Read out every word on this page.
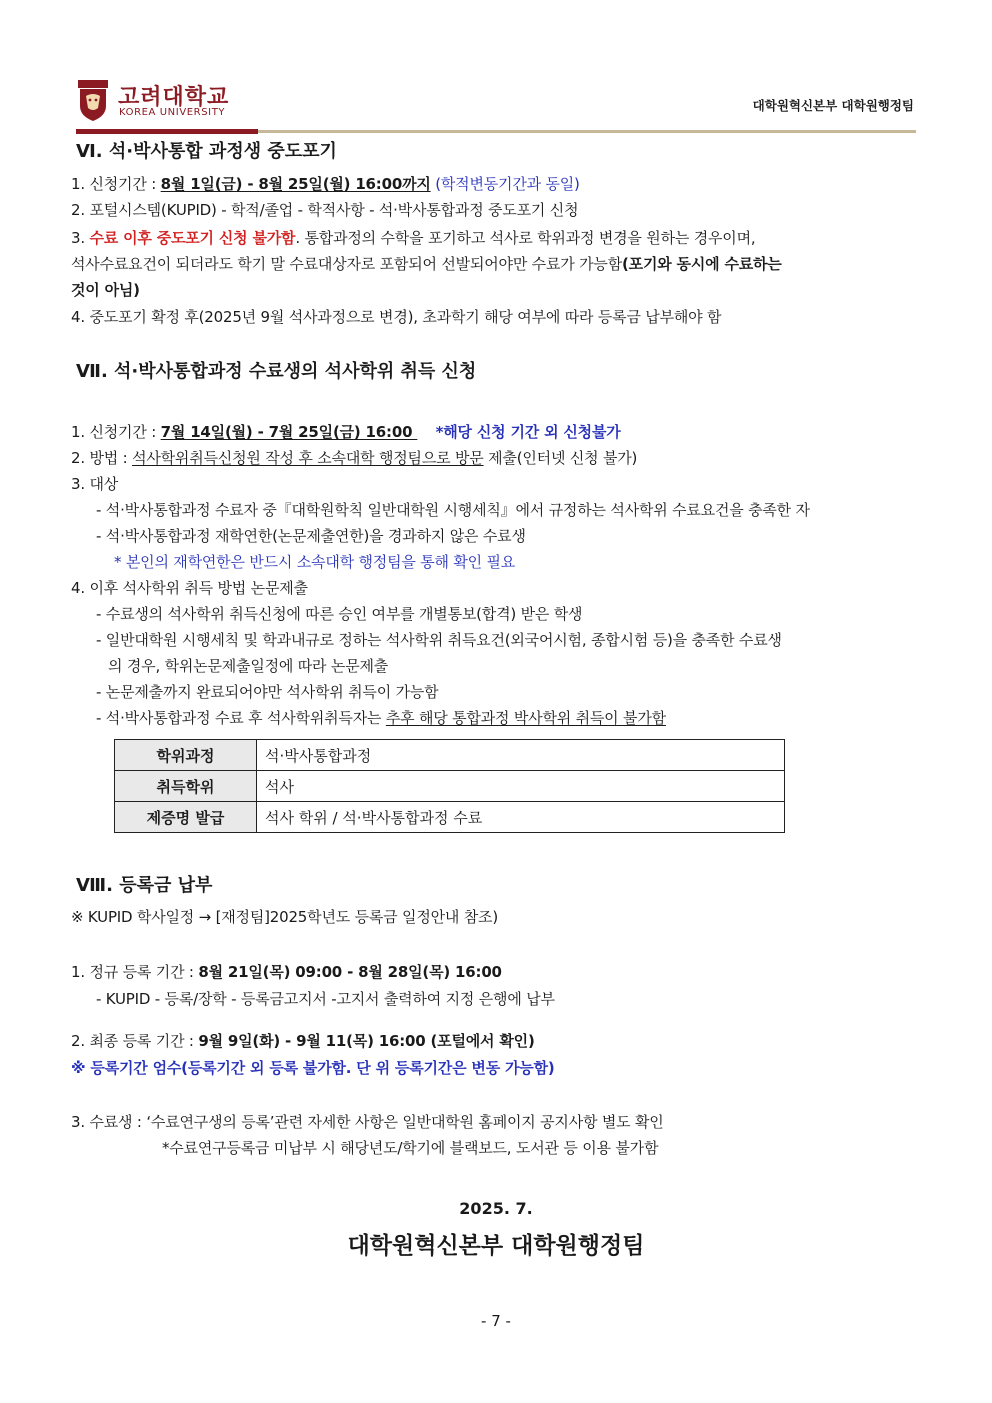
고려대학교
KOREA UNIVERSITY	대학원혁신본부 대학원행정팀
Ⅵ. 석·박사통합 과정생 중도포기
1. 신청기간 : 8월 1일(금) - 8월 25일(월) 16:00까지 (학적변동기간과 동일)
2. 포털시스템(KUPID) - 학적/졸업 - 학적사항 - 석·박사통합과정 중도포기 신청
3. 수료 이후 중도포기 신청 불가함. 통합과정의 수학을 포기하고 석사로 학위과정 변경을 원하는 경우이며,
석사수료요건이 되더라도 학기 말 수료대상자로 포함되어 선발되어야만 수료가 가능함(포기와 동시에 수료하는
것이 아님)
4. 중도포기 확정 후(2025년 9월 석사과정으로 변경), 초과학기 해당 여부에 따라 등록금 납부해야 함
Ⅶ. 석·박사통합과정 수료생의 석사학위 취득 신청
1. 신청기간 : 7월 14일(월) - 7월 25일(금) 16:00     *해당 신청 기간 외 신청불가
2. 방법 : 석사학위취득신청원 작성 후 소속대학 행정팀으로 방문 제출(인터넷 신청 불가)
3. 대상
- 석·박사통합과정 수료자 중『대학원학칙 일반대학원 시행세칙』에서 규정하는 석사학위 수료요건을 충족한 자
- 석·박사통합과정 재학연한(논문제출연한)을 경과하지 않은 수료생
* 본인의 재학연한은 반드시 소속대학 행정팀을 통해 확인 필요
4. 이후 석사학위 취득 방법 논문제출
- 수료생의 석사학위 취득신청에 따른 승인 여부를 개별통보(합격) 받은 학생
- 일반대학원 시행세칙 및 학과내규로 정하는 석사학위 취득요건(외국어시험, 종합시험 등)을 충족한 수료생
의 경우, 학위논문제출일정에 따라 논문제출
- 논문제출까지 완료되어야만 석사학위 취득이 가능함
- 석·박사통합과정 수료 후 석사학위취득자는 추후 해당 통합과정 박사학위 취득이 불가함
학위과정	석·박사통합과정
취득학위	석사
제증명 발급	석사 학위 / 석·박사통합과정 수료
Ⅷ. 등록금 납부
※ KUPID 학사일정 → [재정팀]2025학년도 등록금 일정안내 참조)
1. 정규 등록 기간 : 8월 21일(목) 09:00 - 8월 28일(목) 16:00
- KUPID - 등록/장학 - 등록금고지서 -고지서 출력하여 지정 은행에 납부
2. 최종 등록 기간 : 9월 9일(화) - 9월 11(목) 16:00 (포털에서 확인)
※ 등록기간 엄수(등록기간 외 등록 불가함. 단 위 등록기간은 변동 가능함)
3. 수료생 : ‘수료연구생의 등록’관련 자세한 사항은 일반대학원 홈페이지 공지사항 별도 확인
*수료연구등록금 미납부 시 해당년도/학기에 블랙보드, 도서관 등 이용 불가함
2025. 7.
대학원혁신본부 대학원행정팀
- 7 -
